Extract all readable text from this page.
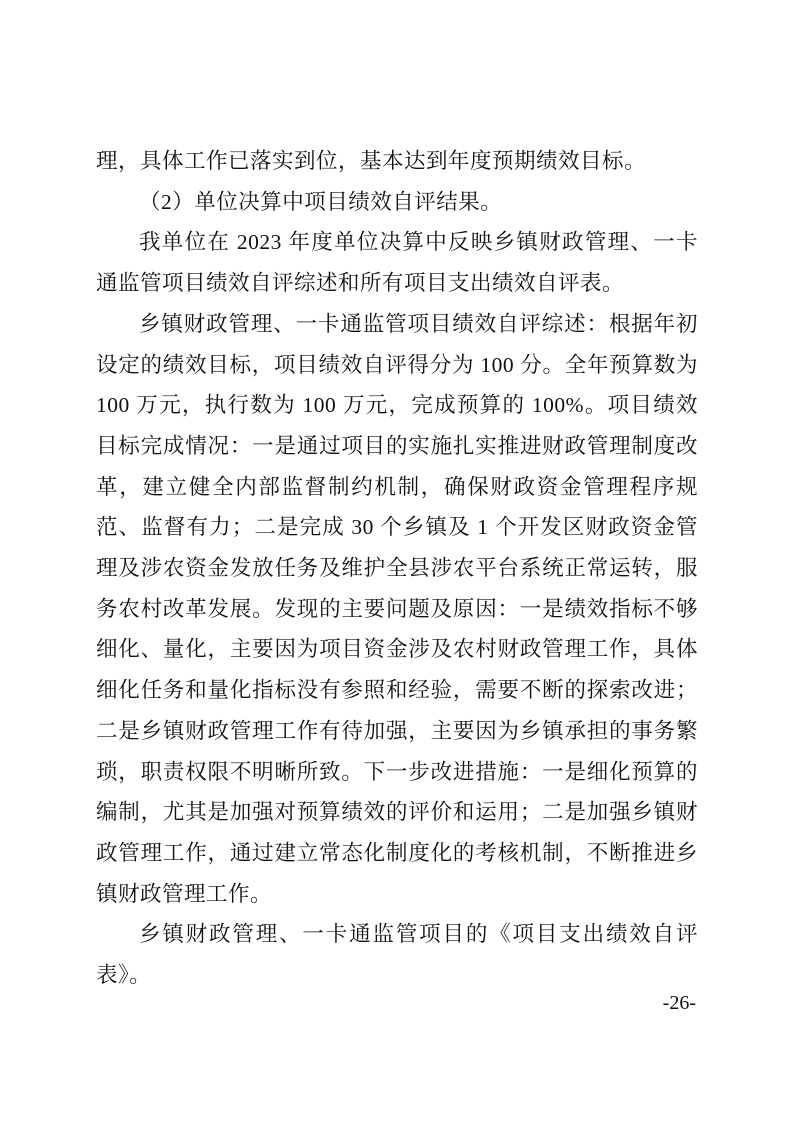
理，具体工作已落实到位，基本达到年度预期绩效目标。

（2）单位决算中项目绩效自评结果。

我单位在 2023 年度单位决算中反映乡镇财政管理、一卡通监管项目绩效自评综述和所有项目支出绩效自评表。

乡镇财政管理、一卡通监管项目绩效自评综述：根据年初设定的绩效目标，项目绩效自评得分为 100 分。全年预算数为 100 万元，执行数为 100 万元，完成预算的 100%。项目绩效目标完成情况：一是通过项目的实施扎实推进财政管理制度改革，建立健全内部监督制约机制，确保财政资金管理程序规范、监督有力；二是完成 30 个乡镇及 1 个开发区财政资金管理及涉农资金发放任务及维护全县涉农平台系统正常运转，服务农村改革发展。发现的主要问题及原因：一是绩效指标不够细化、量化，主要因为项目资金涉及农村财政管理工作，具体细化任务和量化指标没有参照和经验，需要不断的探索改进；二是乡镇财政管理工作有待加强，主要因为乡镇承担的事务繁琐，职责权限不明晰所致。下一步改进措施：一是细化预算的编制，尤其是加强对预算绩效的评价和运用；二是加强乡镇财政管理工作，通过建立常态化制度化的考核机制，不断推进乡镇财政管理工作。

乡镇财政管理、一卡通监管项目的《项目支出绩效自评表》。

-26-
